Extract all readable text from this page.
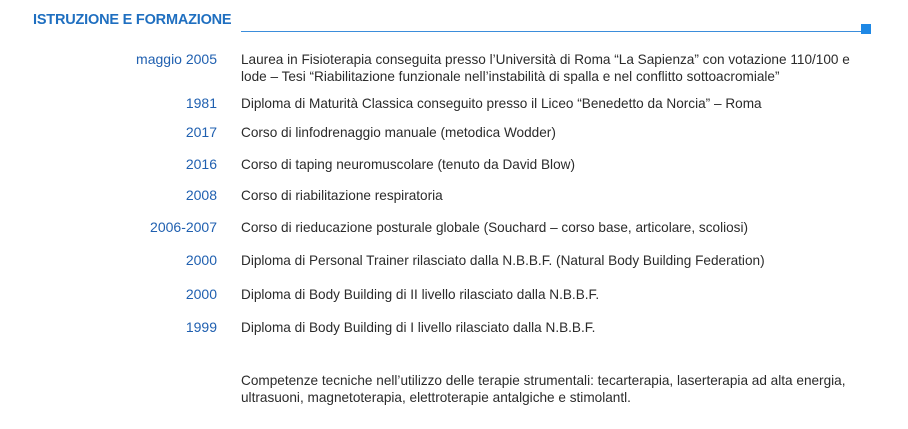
ISTRUZIONE E FORMAZIONE
maggio 2005 Laurea in Fisioterapia conseguita presso l’Università di Roma “La Sapienza” con votazione 110/100 e lode – Tesi “Riabilitazione funzionale nell’instabilità di spalla e nel conflitto sottoacromiale”
1981 Diploma di Maturità Classica conseguito presso il Liceo “Benedetto da Norcia” – Roma
2017 Corso di linfodrenaggio manuale (metodica Wodder)
2016 Corso di taping neuromuscolare (tenuto da David Blow)
2008 Corso di riabilitazione respiratoria
2006-2007 Corso di rieducazione posturale globale (Souchard – corso base, articolare, scoliosi)
2000 Diploma di Personal Trainer rilasciato dalla N.B.B.F. (Natural Body Building Federation)
2000 Diploma di Body Building di II livello rilasciato dalla N.B.B.F.
1999 Diploma di Body Building di I livello rilasciato dalla N.B.B.F.
Competenze tecniche nell’utilizzo delle terapie strumentali: tecarterapia, laserterapia ad alta energia, ultrasuoni, magnetoterapia, elettroterapie antalgiche e stimolantl.
